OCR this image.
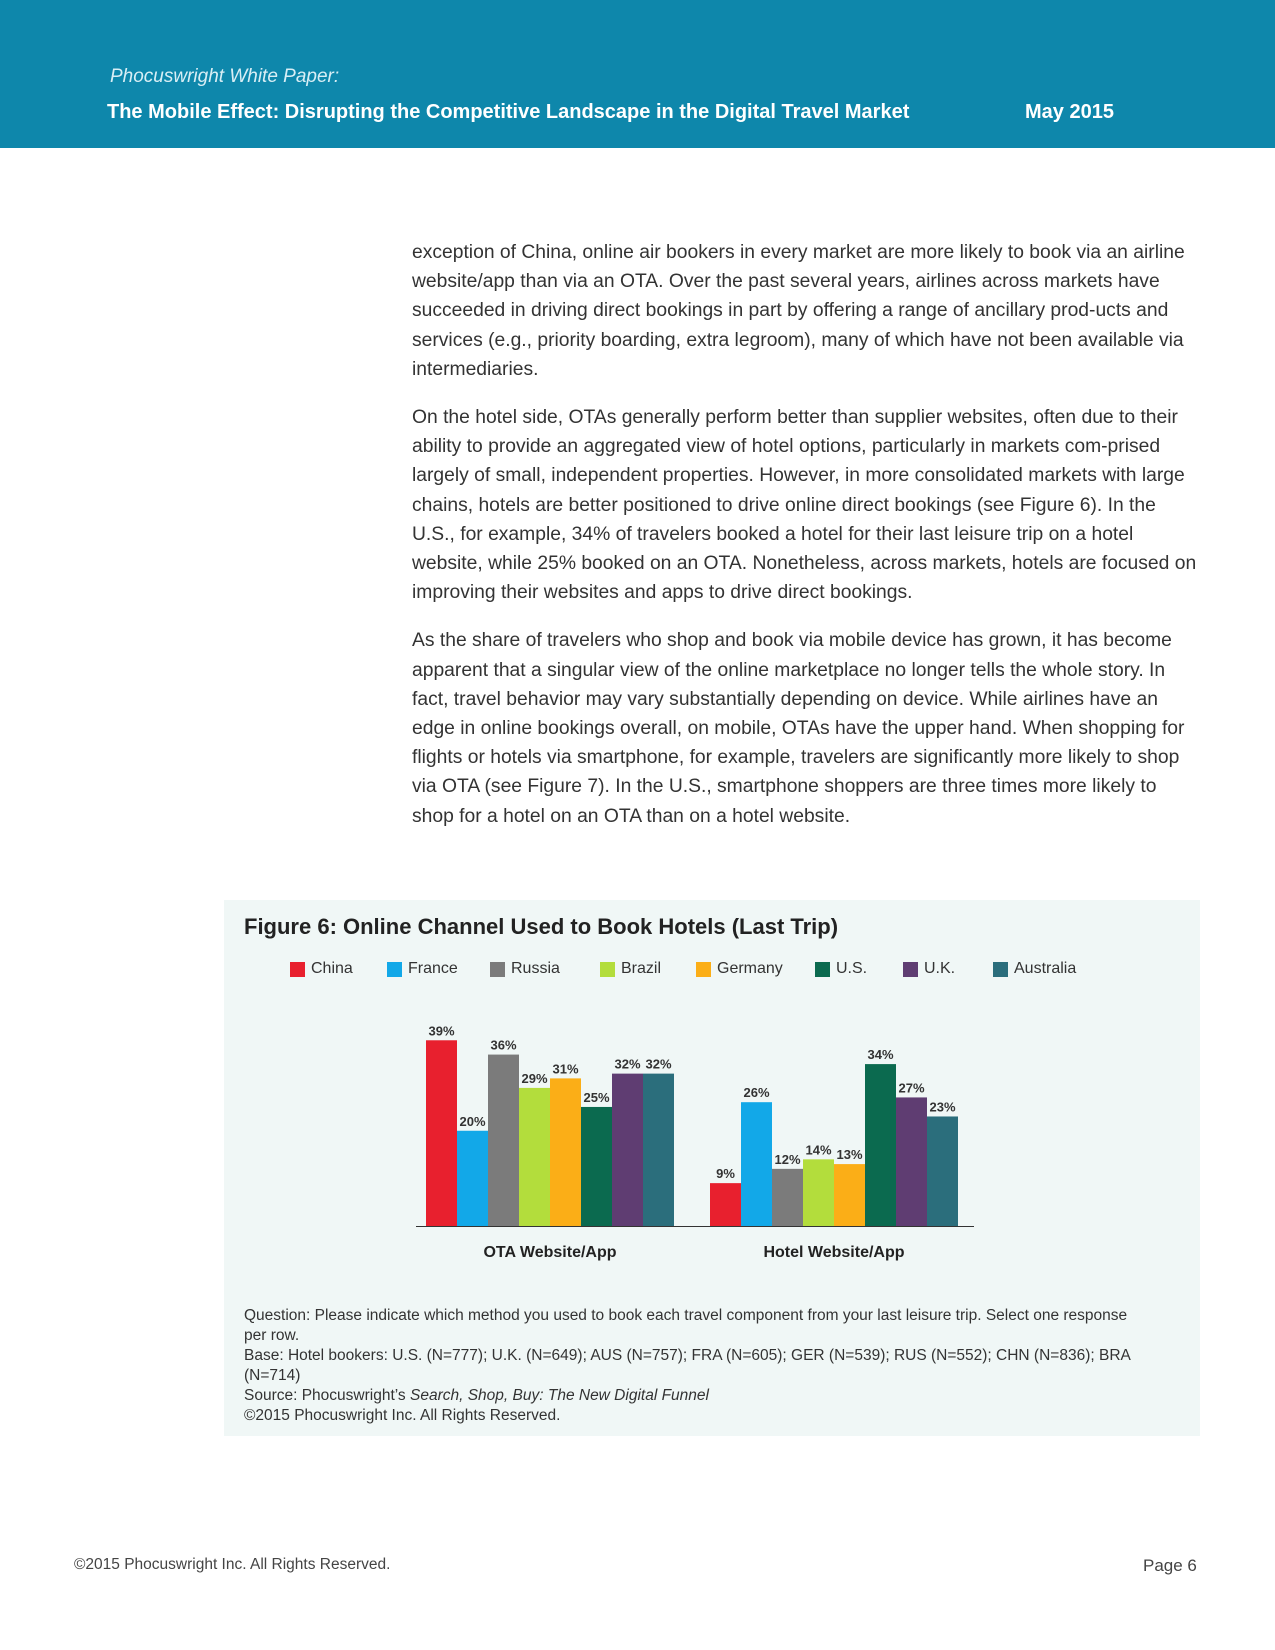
Phocuswright White Paper:
The Mobile Effect: Disrupting the Competitive Landscape in the Digital Travel Market	May 2015

exception of China, online air bookers in every market are more likely to book via an airline website/app than via an OTA. Over the past several years, airlines across markets have succeeded in driving direct bookings in part by offering a range of ancillary prod-ucts and services (e.g., priority boarding, extra legroom), many of which have not been available via intermediaries.

On the hotel side, OTAs generally perform better than supplier websites, often due to their ability to provide an aggregated view of hotel options, particularly in markets com-prised largely of small, independent properties. However, in more consolidated markets with large chains, hotels are better positioned to drive online direct bookings (see Figure 6). In the U.S., for example, 34% of travelers booked a hotel for their last leisure trip on a hotel website, while 25% booked on an OTA. Nonetheless, across markets, hotels are focused on improving their websites and apps to drive direct bookings.

As the share of travelers who shop and book via mobile device has grown, it has become apparent that a singular view of the online marketplace no longer tells the whole story. In fact, travel behavior may vary substantially depending on device. While airlines have an edge in online bookings overall, on mobile, OTAs have the upper hand. When shopping for flights or hotels via smartphone, for example, travelers are significantly more likely to shop via OTA (see Figure 7). In the U.S., smartphone shoppers are three times more likely to shop for a hotel on an OTA than on a hotel website.

Figure 6: Online Channel Used to Book Hotels (Last Trip)
China	France	Russia	Brazil	Germany	U.S.	U.K.	Australia
39%
20%
36%
29%
31%
25%
32% 32%
OTA Website/App
9%
26%
12%
14% 13%
34%
27%
23%
Hotel Website/App
Question: Please indicate which method you used to book each travel component from your last leisure trip. Select one response per row.
Base: Hotel bookers: U.S. (N=777); U.K. (N=649); AUS (N=757); FRA (N=605); GER (N=539); RUS (N=552); CHN (N=836); BRA (N=714)
Source: Phocuswright’s Search, Shop, Buy: The New Digital Funnel
©2015 Phocuswright Inc. All Rights Reserved.
©2015 Phocuswright Inc. All Rights Reserved.	Page 6
